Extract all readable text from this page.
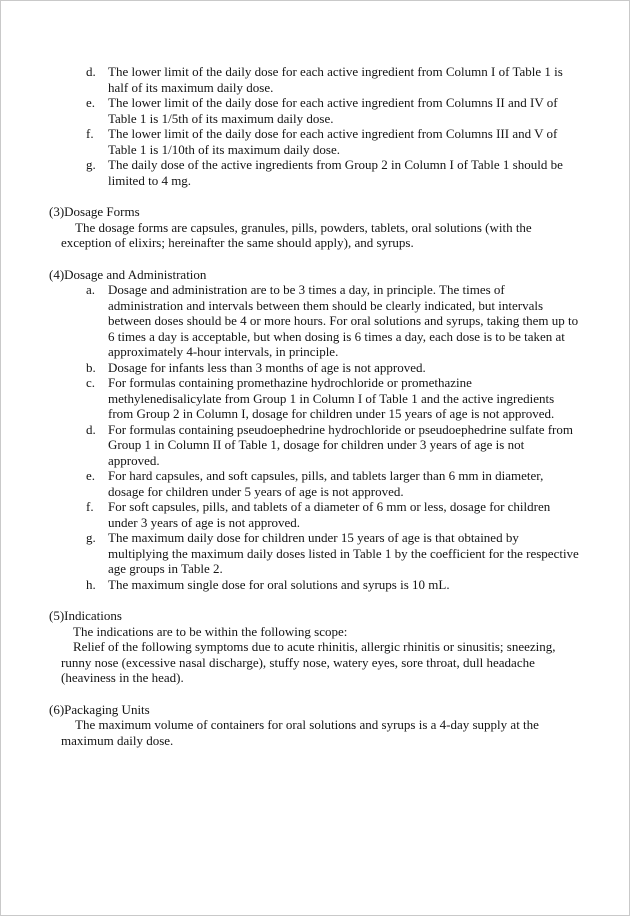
d. The lower limit of the daily dose for each active ingredient from Column I of Table 1 is half of its maximum daily dose.
e. The lower limit of the daily dose for each active ingredient from Columns II and IV of Table 1 is 1/5th of its maximum daily dose.
f.	The lower limit of the daily dose for each active ingredient from Columns III and V of Table 1 is 1/10th of its maximum daily dose.
g. The daily dose of the active ingredients from Group 2 in Column I of Table 1 should be limited to 4 mg.

(3)Dosage Forms

The dosage forms are capsules, granules, pills, powders, tablets, oral solutions (with the exception of elixirs; hereinafter the same should apply), and syrups.

(4)Dosage and Administration

a. Dosage and administration are to be 3 times a day, in principle. The times of administration and intervals between them should be clearly indicated, but intervals between doses should be 4 or more hours. For oral solutions and syrups, taking them up to 6 times a day is acceptable, but when dosing is 6 times a day, each dose is to be taken at approximately 4-hour intervals, in principle.
b. Dosage for infants less than 3 months of age is not approved.
c. For formulas containing promethazine hydrochloride or promethazine methylenedisalicylate from Group 1 in Column I of Table 1 and the active ingredients from Group 2 in Column I, dosage for children under 15 years of age is not approved.
d. For formulas containing pseudoephedrine hydrochloride or pseudoephedrine sulfate from Group 1 in Column II of Table 1, dosage for children under 3 years of age is not approved.
e. For hard capsules, and soft capsules, pills, and tablets larger than 6 mm in diameter, dosage for children under 5 years of age is not approved.
f.	For soft capsules, pills, and tablets of a diameter of 6 mm or less, dosage for children under 3 years of age is not approved.
g. The maximum daily dose for children under 15 years of age is that obtained by multiplying the maximum daily doses listed in Table 1 by the coefficient for the respective age groups in Table 2.
h. The maximum single dose for oral solutions and syrups is 10 mL.

(5)Indications

The indications are to be within the following scope:

Relief of the following symptoms due to acute rhinitis, allergic rhinitis or sinusitis; sneezing, runny nose (excessive nasal discharge), stuffy nose, watery eyes, sore throat, dull headache (heaviness in the head).

(6)Packaging Units

The maximum volume of containers for oral solutions and syrups is a 4-day supply at the maximum daily dose.
